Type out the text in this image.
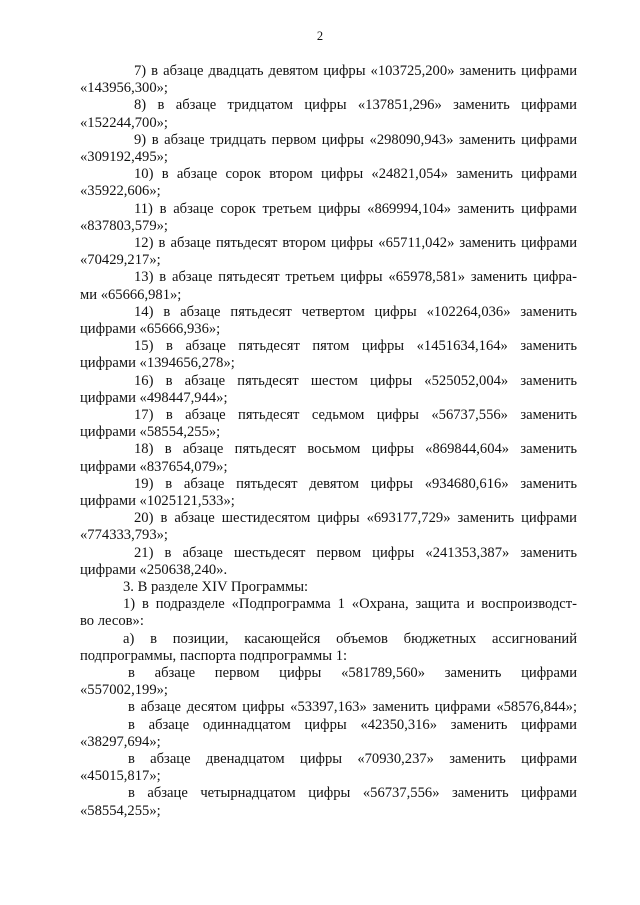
2

7) в абзаце двадцать девятом цифры «103725,200» заменить цифрами

«143956,300»;

8) в абзаце тридцатом цифры «137851,296» заменить цифрами

«152244,700»;

9) в абзаце тридцать первом цифры «298090,943» заменить цифрами

«309192,495»;

10) в абзаце сорок втором цифры «24821,054» заменить цифрами

«35922,606»;

11) в абзаце сорок третьем цифры «869994,104» заменить цифрами

«837803,579»;

12) в абзаце пятьдесят втором цифры «65711,042» заменить цифрами

«70429,217»;

13) в абзаце пятьдесят третьем цифры «65978,581» заменить цифра-

ми «65666,981»;

14) в абзаце пятьдесят четвертом цифры «102264,036» заменить

цифрами «65666,936»;

15) в абзаце пятьдесят пятом цифры «1451634,164» заменить

цифрами «1394656,278»;

16) в абзаце пятьдесят шестом цифры «525052,004» заменить

цифрами «498447,944»;

17) в абзаце пятьдесят седьмом цифры «56737,556» заменить

цифрами «58554,255»;

18) в абзаце пятьдесят восьмом цифры «869844,604» заменить

цифрами «837654,079»;

19) в абзаце пятьдесят девятом цифры «934680,616» заменить

цифрами «1025121,533»;

20) в абзаце шестидесятом цифры «693177,729» заменить цифрами

«774333,793»;

21) в абзаце шестьдесят первом цифры «241353,387» заменить

цифрами «250638,240».

3. В разделе XIV Программы:

1) в подразделе «Подпрограмма 1 «Охрана, защита и воспроизводст-

во лесов»:

а) в позиции, касающейся объемов бюджетных ассигнований

подпрограммы, паспорта подпрограммы 1:

в абзаце первом цифры «581789,560» заменить цифрами

«557002,199»;

в абзаце десятом цифры «53397,163» заменить цифрами «58576,844»;

в абзаце одиннадцатом цифры «42350,316» заменить цифрами

«38297,694»;

в абзаце двенадцатом цифры «70930,237» заменить цифрами

«45015,817»;

в абзаце четырнадцатом цифры «56737,556» заменить цифрами

«58554,255»;
